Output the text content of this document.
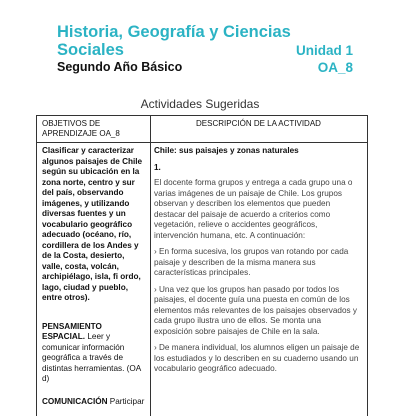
Historia, Geografía y Ciencias Sociales	Unidad 1
Segundo Año Básico	OA_8
Actividades Sugeridas
OBJETIVOS DE APRENDIZAJE OA_8
DESCRIPCIÓN DE LA ACTIVIDAD

Clasificar y caracterizar algunos paisajes de Chile según su ubicación en la zona norte, centro y sur del país, observando imágenes, y utilizando diversas fuentes y un vocabulario geográfico adecuado (océano, río, cordillera de los Andes y de la Costa, desierto, valle, costa, volcán, archipiélago, isla, fi ordo, lago, ciudad y pueblo, entre otros).

PENSAMIENTO ESPACIAL. Leer y comunicar información geográfica a través de distintas herramientas. (OA d)

COMUNICACIÓN Participar

Chile: sus paisajes y zonas naturales

1.

El docente forma grupos y entrega a cada grupo una o varias imágenes de un paisaje de Chile. Los grupos observan y describen los elementos que pueden destacar del paisaje de acuerdo a criterios como vegetación, relieve o accidentes geográficos, intervención humana, etc. A continuación:

› En forma sucesiva, los grupos van rotando por cada paisaje y describen de la misma manera sus características principales.

› Una vez que los grupos han pasado por todos los paisajes, el docente guía una puesta en común de los elementos más relevantes de los paisajes observados y cada grupo ilustra uno de ellos. Se monta una exposición sobre paisajes de Chile en la sala.

› De manera individual, los alumnos eligen un paisaje de los estudiados y lo describen en su cuaderno usando un vocabulario geográfico adecuado.
